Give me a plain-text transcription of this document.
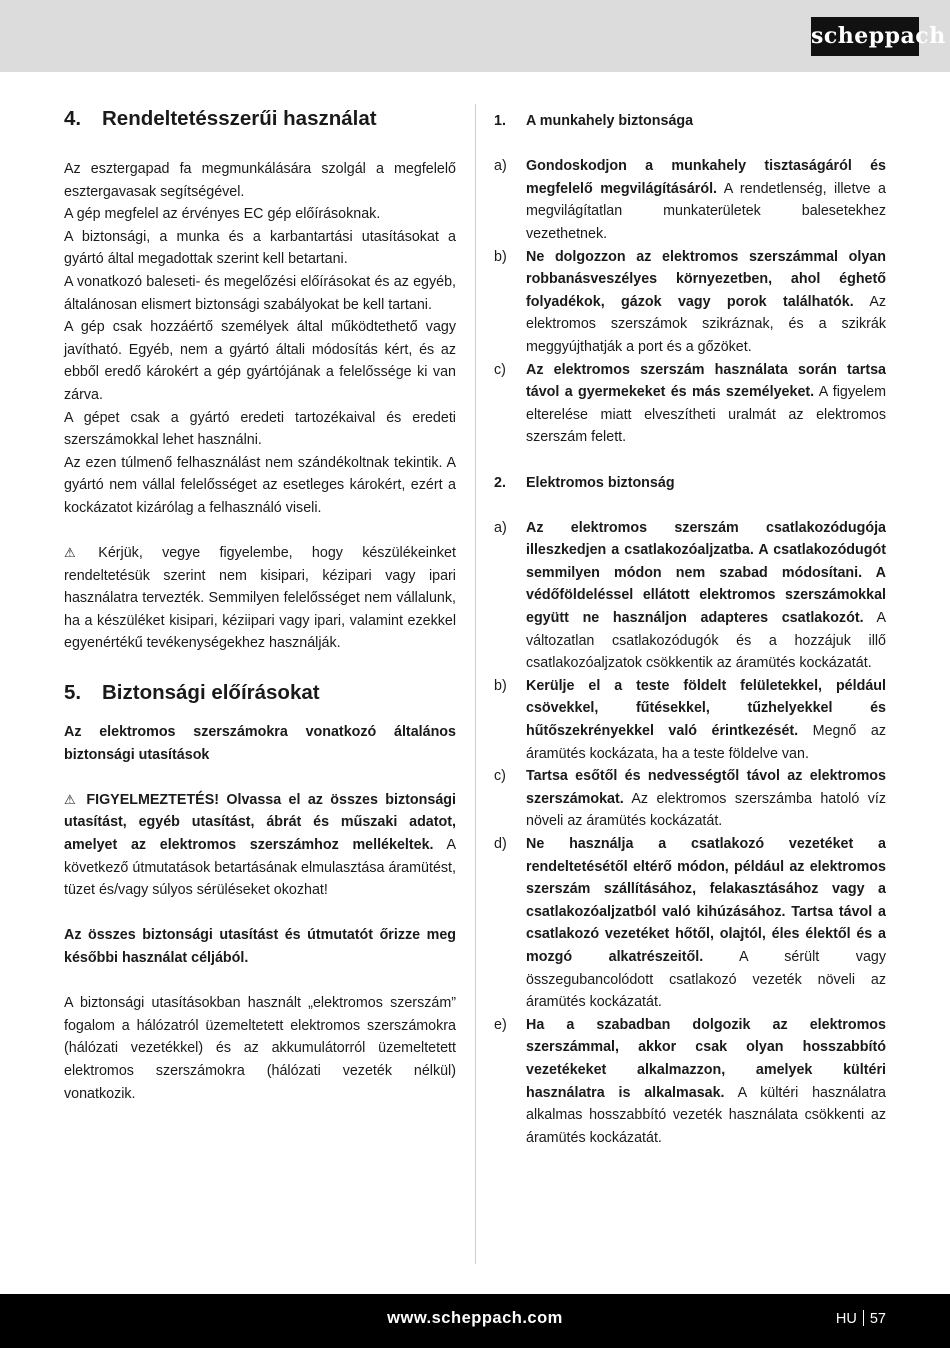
scheppach
4.	Rendeltetésszerűi használat

Az esztergapad fa megmunkálására szolgál a megfelelő esztergavasak segítségével.

A gép megfelel az érvényes EC gép előírásoknak.

A biztonsági, a munka és a karbantartási utasításokat a gyártó által megadottak szerint kell betartani.

A vonatkozó baleseti- és megelőzési előírásokat és az egyéb, általánosan elismert biztonsági szabályokat be kell tartani.

A gép csak hozzáértő személyek által működtethető vagy javítható. Egyéb, nem a gyártó általi módosítás kért, és az ebből eredő károkért a gép gyártójának a felelőssége ki van zárva.

A gépet csak a gyártó eredeti tartozékaival és eredeti szerszámokkal lehet használni.

Az ezen túlmenő felhasználást nem szándékoltnak tekintik. A gyártó nem vállal felelősséget az esetleges károkért, ezért a kockázatot kizárólag a felhasználó viseli.

⚠ Kérjük, vegye figyelembe, hogy készülékeinket rendeltetésük szerint nem kisipari, kézipari vagy ipari használatra tervezték. Semmilyen felelősséget nem vállalunk, ha a készüléket kisipari, kéziipari vagy ipari, valamint ezekkel egyenértékű tevékenységekhez használják.

5.	Biztonsági előírásokat

Az elektromos szerszámokra vonatkozó általános biztonsági utasítások

⚠ FIGYELMEZTETÉS! Olvassa el az összes biztonsági utasítást, egyéb utasítást, ábrát és műszaki adatot, amelyet az elektromos szerszámhoz mellékeltek. A következő útmutatások betartásának elmulasztása áramütést, tüzet és/vagy súlyos sérüléseket okozhat!

Az összes biztonsági utasítást és útmutatót őrizze meg későbbi használat céljából.

A biztonsági utasításokban használt „elektromos szerszám” fogalom a hálózatról üzemeltetett elektromos szerszámokra (hálózati vezetékkel) és az akkumulátorról üzemeltetett elektromos szerszámokra (hálózati vezeték nélkül) vonatkozik.

1.	A munkahely biztonsága
a)	Gondoskodjon a munkahely tisztaságáról és megfelelő megvilágításáról. A rendetlenség, illetve a megvilágítatlan munkaterületek balesetekhez vezethetnek.
b)	Ne dolgozzon az elektromos szerszámmal olyan robbanásveszélyes környezetben, ahol éghető folyadékok, gázok vagy porok találhatók. Az elektromos szerszámok szikráznak, és a szikrák meggyújthatják a port és a gőzöket.
c)	Az elektromos szerszám használata során tartsa távol a gyermekeket és más személyeket. A figyelem elterelése miatt elveszítheti uralmát az elektromos szerszám felett.
2.	Elektromos biztonság
a)	Az elektromos szerszám csatlakozódugója illeszkedjen a csatlakozóaljzatba. A csatlakozódugót semmilyen módon nem szabad módosítani. A védőföldeléssel ellátott elektromos szerszámokkal együtt ne használjon adapteres csatlakozót. A változatlan csatlakozódugók és a hozzájuk illő csatlakozóaljzatok csökkentik az áramütés kockázatát.
b)	Kerülje el a teste földelt felületekkel, például csövekkel, fűtésekkel, tűzhelyekkel és hűtőszekrényekkel való érintkezését. Megnő az áramütés kockázata, ha a teste földelve van.
c)	Tartsa esőtől és nedvességtől távol az elektromos szerszámokat. Az elektromos szerszámba hatoló víz növeli az áramütés kockázatát.
d)	Ne használja a csatlakozó vezetéket a rendeltetésétől eltérő módon, például az elektromos szerszám szállításához, felakasztásához vagy a csatlakozóaljzatból való kihúzásához. Tartsa távol a csatlakozó vezetéket hőtől, olajtól, éles élektől és a mozgó alkatrészeitől.	A sérült vagy összegubancolódott csatlakozó vezeték növeli az áramütés kockázatát.
e)	Ha a szabadban dolgozik az elektromos szerszámmal, akkor csak olyan hosszabbító vezetékeket alkalmazzon, amelyek kültéri használatra is alkalmasak. A kültéri használatra alkalmas hosszabbító vezeték használata csökkenti az áramütés kockázatát.
www.scheppach.com	HU 57
